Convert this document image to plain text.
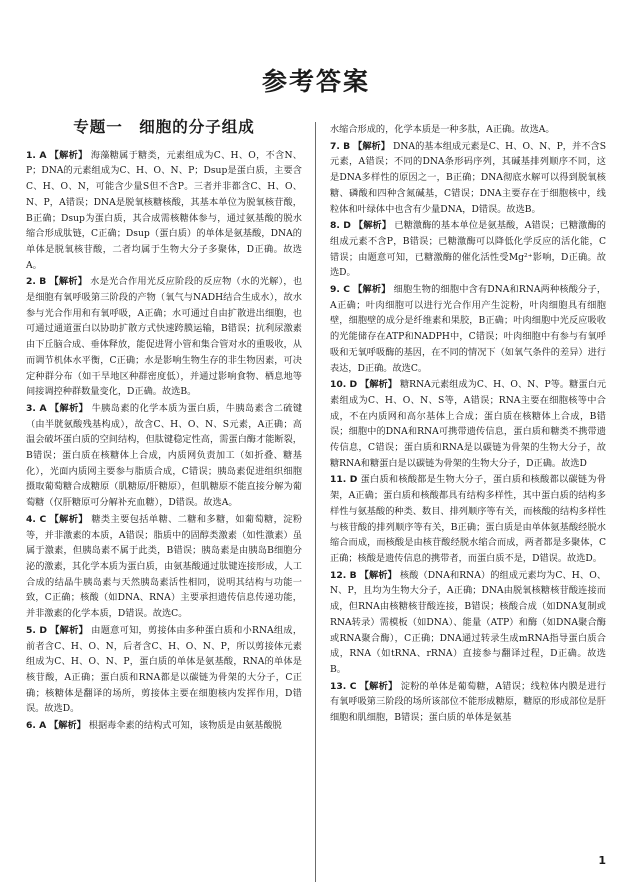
参考答案
专题一　细胞的分子组成
1. A 【解析】 海藻糖属于糖类，元素组成为C、H、O，不含N、P；DNA的元素组成为C、H、O、N、P；Dsup是蛋白质，主要含C、H、O、N，可能含少量S但不含P。三者并非都含C、H、O、N、P，A错误；DNA是脱氧核糖核酸，其基本单位为脱氧核苷酸，B正确；Dsup为蛋白质，其合成需核糖体参与，通过氨基酸的脱水缩合形成肽链，C正确；Dsup（蛋白质）的单体是氨基酸，DNA的单体是脱氧核苷酸，二者均属于生物大分子多聚体，D正确。故选A。
2. B 【解析】 水是光合作用光反应阶段的反应物（水的光解），也是细胞有氧呼吸第三阶段的产物（氧气与NADH结合生成水），故水参与光合作用和有氧呼吸，A正确；水可通过自由扩散进出细胞，也可通过通道蛋白以协助扩散方式快速跨膜运输，B错误；抗利尿激素由下丘脑合成、垂体释放，能促进肾小管和集合管对水的重吸收，从而调节机体水平衡，C正确；水是影响生物生存的非生物因素，可决定种群分布（如干旱地区种群密度低），并通过影响食物、栖息地等间接调控种群数量变化，D正确。故选B。
3. A 【解析】 牛胰岛素的化学本质为蛋白质，牛胰岛素含二硫键（由半胱氨酸残基构成），故含C、H、O、N、S元素，A正确；高温会破坏蛋白质的空间结构，但肽键稳定性高，需蛋白酶才能断裂，B错误；蛋白质在核糖体上合成，内质网负责加工（如折叠、糖基化），光面内质网主要参与脂质合成，C错误；胰岛素促进组织细胞摄取葡萄糖合成糖原（肌糖原/肝糖原），但肌糖原不能直接分解为葡萄糖（仅肝糖原可分解补充血糖），D错误。故选A。
4. C 【解析】 糖类主要包括单糖、二糖和多糖，如葡萄糖，淀粉等，并非激素的本质，A错误；脂质中的固醇类激素（如性激素）虽属于激素，但胰岛素不属于此类，B错误；胰岛素是由胰岛B细胞分泌的激素，其化学本质为蛋白质，由氨基酸通过肽键连接形成，人工合成的结晶牛胰岛素与天然胰岛素活性相同，说明其结构与功能一致，C正确；核酸（如DNA、RNA）主要承担遗传信息传递功能，并非激素的化学本质，D错误。故选C。
5. D 【解析】 由题意可知，剪接体由多种蛋白质和小RNA组成，前者含C、H、O、N，后者含C、H、O、N、P，所以剪接体元素组成为C、H、O、N、P，蛋白质的单体是氨基酸，RNA的单体是核苷酸，A正确；蛋白质和RNA都是以碳链为骨架的大分子，C正确；核糖体是翻译的场所，剪接体主要在细胞核内发挥作用，D错误。故选D。
6. A 【解析】 根据毒伞素的结构式可知，该物质是由氨基酸脱
水缩合形成的，化学本质是一种多肽，A正确。故选A。
7. B 【解析】 DNA的基本组成元素是C、H、O、N、P，并不含S元素，A错误；不同的DNA条形码序列，其碱基排列顺序不同，这是DNA多样性的原因之一，B正确；DNA彻底水解可以得到脱氧核糖、磷酸和四种含氮碱基，C错误；DNA主要存在于细胞核中，线粒体和叶绿体中也含有少量DNA，D错误。故选B。
8. D 【解析】 已糖激酶的基本单位是氨基酸，A错误；已糖激酶的组成元素不含P，B错误；已糖激酶可以降低化学反应的活化能，C错误；由题意可知，已糖激酶的催化活性受Mg²⁺影响，D正确。故选D。
9. C 【解析】 细胞生物的细胞中含有DNA和RNA两种核酸分子，A正确；叶肉细胞可以进行光合作用产生淀粉，叶肉细胞具有细胞壁，细胞壁的成分是纤维素和果胶，B正确；叶肉细胞中光反应吸收的光能储存在ATP和NADPH中，C错误；叶肉细胞中有参与有氧呼吸和无氧呼吸酶的基因，在不同的情况下（如氧气条件的差异）进行表达，D正确。故选C。
10. D 【解析】 糖RNA元素组成为C、H、O、N、P等。糖蛋白元素组成为C、H、O、N、S等，A错误；RNA主要在细胞核等中合成，不在内质网和高尔基体上合成；蛋白质在核糖体上合成，B错误；细胞中的DNA和RNA可携带遗传信息，蛋白质和糖类不携带遗传信息，C错误；蛋白质和RNA是以碳链为骨架的生物大分子，故糖RNA和糖蛋白是以碳链为骨架的生物大分子，D正确。故选D
11. D 蛋白质和核酸都是生物大分子，蛋白质和核酸都以碳链为骨架，A正确；蛋白质和核酸都具有结构多样性，其中蛋白质的结构多样性与氨基酸的种类、数目、排列顺序等有关，而核酸的结构多样性与核苷酸的排列顺序等有关，B正确；蛋白质是由单体氨基酸经脱水缩合而成，而核酸是由核苷酸经脱水缩合而成，两者都是多聚体，C正确；核酸是遗传信息的携带者，而蛋白质不是，D错误。故选D。
12. B 【解析】 核酸（DNA和RNA）的组成元素均为C、H、O、N、P，且均为生物大分子，A正确；DNA由脱氧核糖核苷酸连接而成，但RNA由核糖核苷酸连接，B错误；核酸合成（如DNA复制或RNA转录）需模板（如DNA）、能量（ATP）和酶（如DNA聚合酶或RNA聚合酶），C正确；DNA通过转录生成mRNA指导蛋白质合成，RNA（如tRNA、rRNA）直接参与翻译过程，D正确。故选B。
13. C 【解析】 淀粉的单体是葡萄糖，A错误；线粒体内膜是进行有氧呼吸第三阶段的场所该部位不能形成糖原，糖原的形成部位是肝细胞和肌细胞，B错误；蛋白质的单体是氨基
1
